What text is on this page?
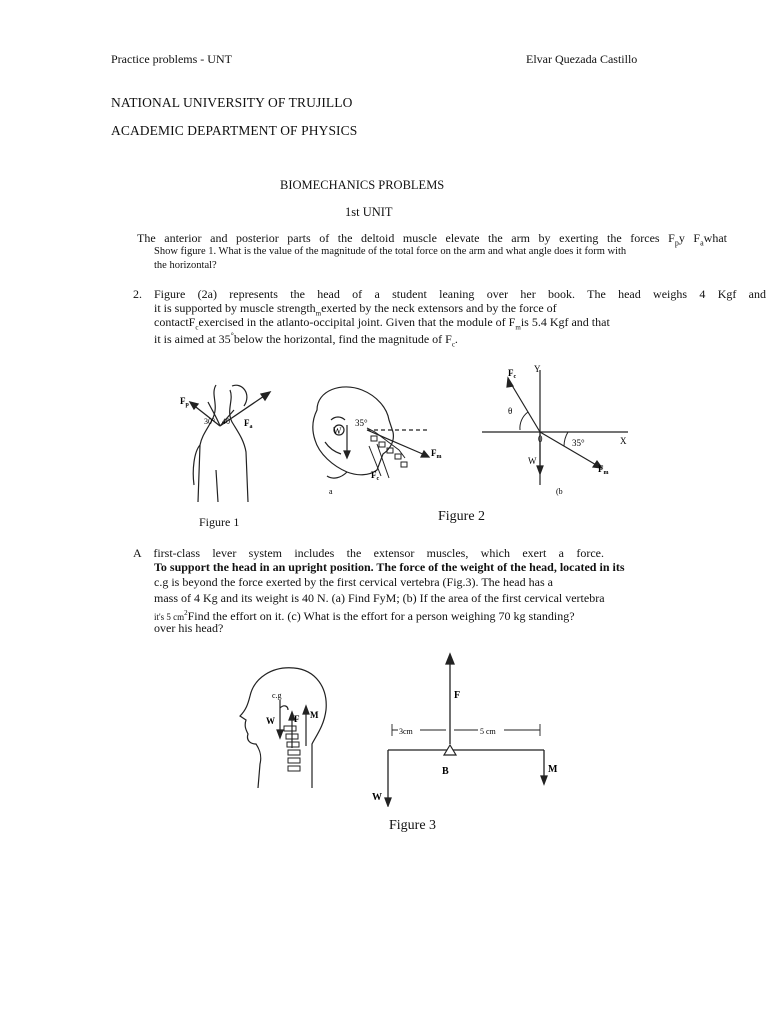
Practice problems - UNT	Elvar Quezada Castillo
NATIONAL UNIVERSITY OF TRUJILLO
ACADEMIC DEPARTMENT OF PHYSICS
BIOMECHANICS PROBLEMS
1st UNIT
The anterior and posterior parts of the deltoid muscle elevate the arm by exerting the forces $F_py$ $F_awhat$
Show figure 1. What is the value of the magnitude of the total force on the arm and what angle does it form with
the horizontal?
2. Figure (2a) represents the head of a student leaning over her book. The head weighs 4 Kgf and
it is supported by muscle strength$_m$exerted by the neck extensors and by the force of
contactF$_c$exercised in the atlanto-occipital joint. Given that the module of $F_mis$ 5.4 Kgf and that
it is aimed at 35°below the horizontal, find the magnitude of $F_c$.
$F_p$
30° 40 $F_a$
Figure 1
35°
W
$F_m$
$F_c$
a
Y
X
0
θ
35°
$F_c$
W
$F_m$
(b
Figure 2
A first-class lever system includes the extensor muscles, which exert a force.
To support the head in an upright position. The force of the weight of the head, located in its
c.g is beyond the force exerted by the first cervical vertebra (Fig.3). The head has a
mass of 4 Kg and its weight is 40 N. (a) Find FyM; (b) If the area of the first cervical vertebra
it's 5 $cm^2Find$ the effort on it. (c) What is the effort for a person weighing 70 kg standing?
over his head?
c.g
W F M
3cm	5 cm
F
B	M
W
Figure 3
